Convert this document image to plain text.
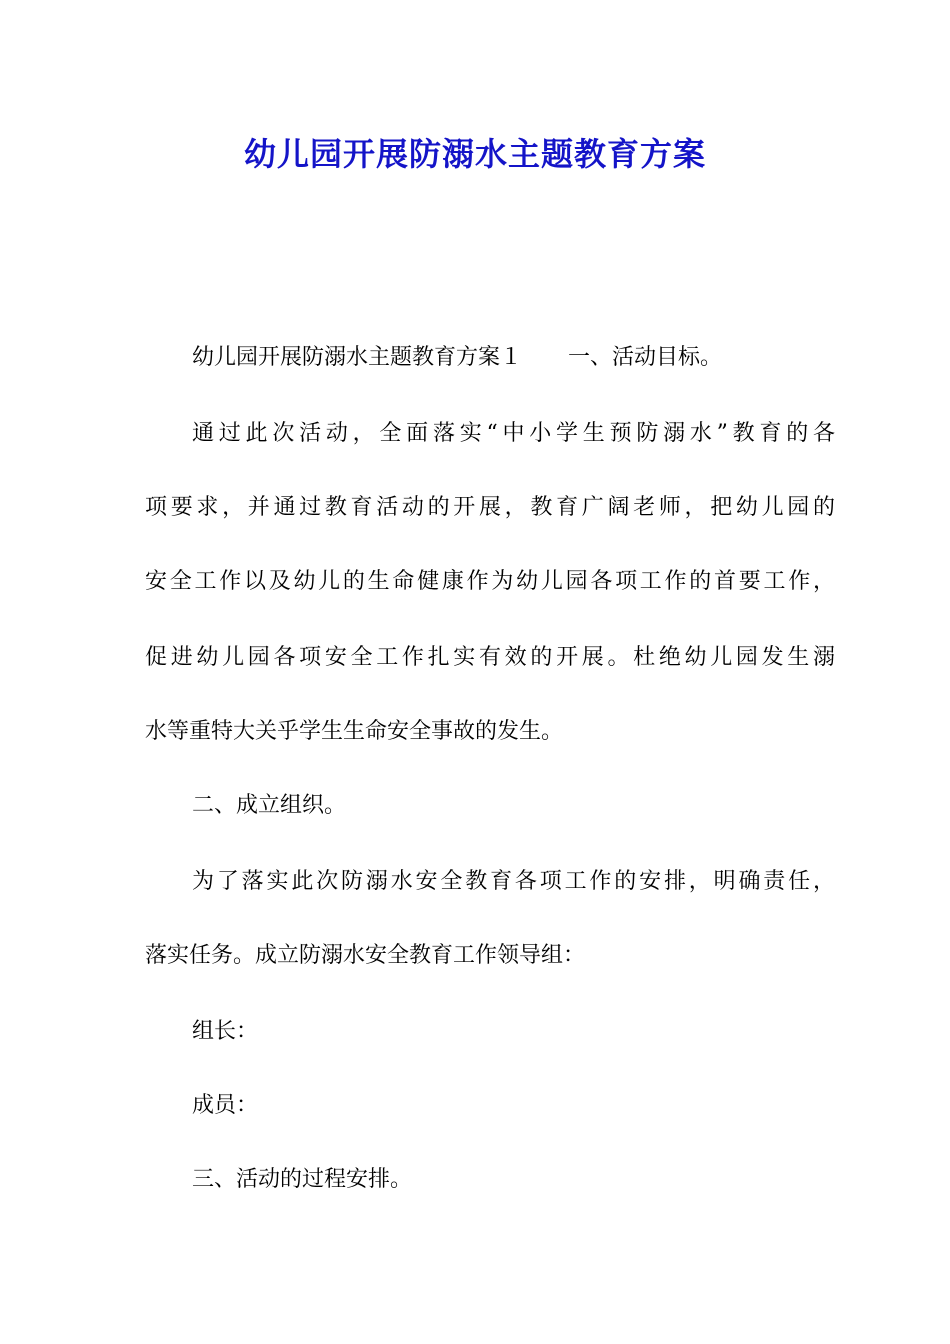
幼儿园开展防溺水主题教育方案

幼儿园开展防溺水主题教育方案１ 一、活动目标。

通过此次活动，全面落实“中小学生预防溺水”教育的各

项要求，并通过教育活动的开展，教育广阔老师，把幼儿园的

安全工作以及幼儿的生命健康作为幼儿园各项工作的首要工作，

促进幼儿园各项安全工作扎实有效的开展。杜绝幼儿园发生溺

水等重特大关乎学生生命安全事故的发生。

二、成立组织。

为了落实此次防溺水安全教育各项工作的安排，明确责任，

落实任务。成立防溺水安全教育工作领导组：

组长：

成员：

三、活动的过程安排。
